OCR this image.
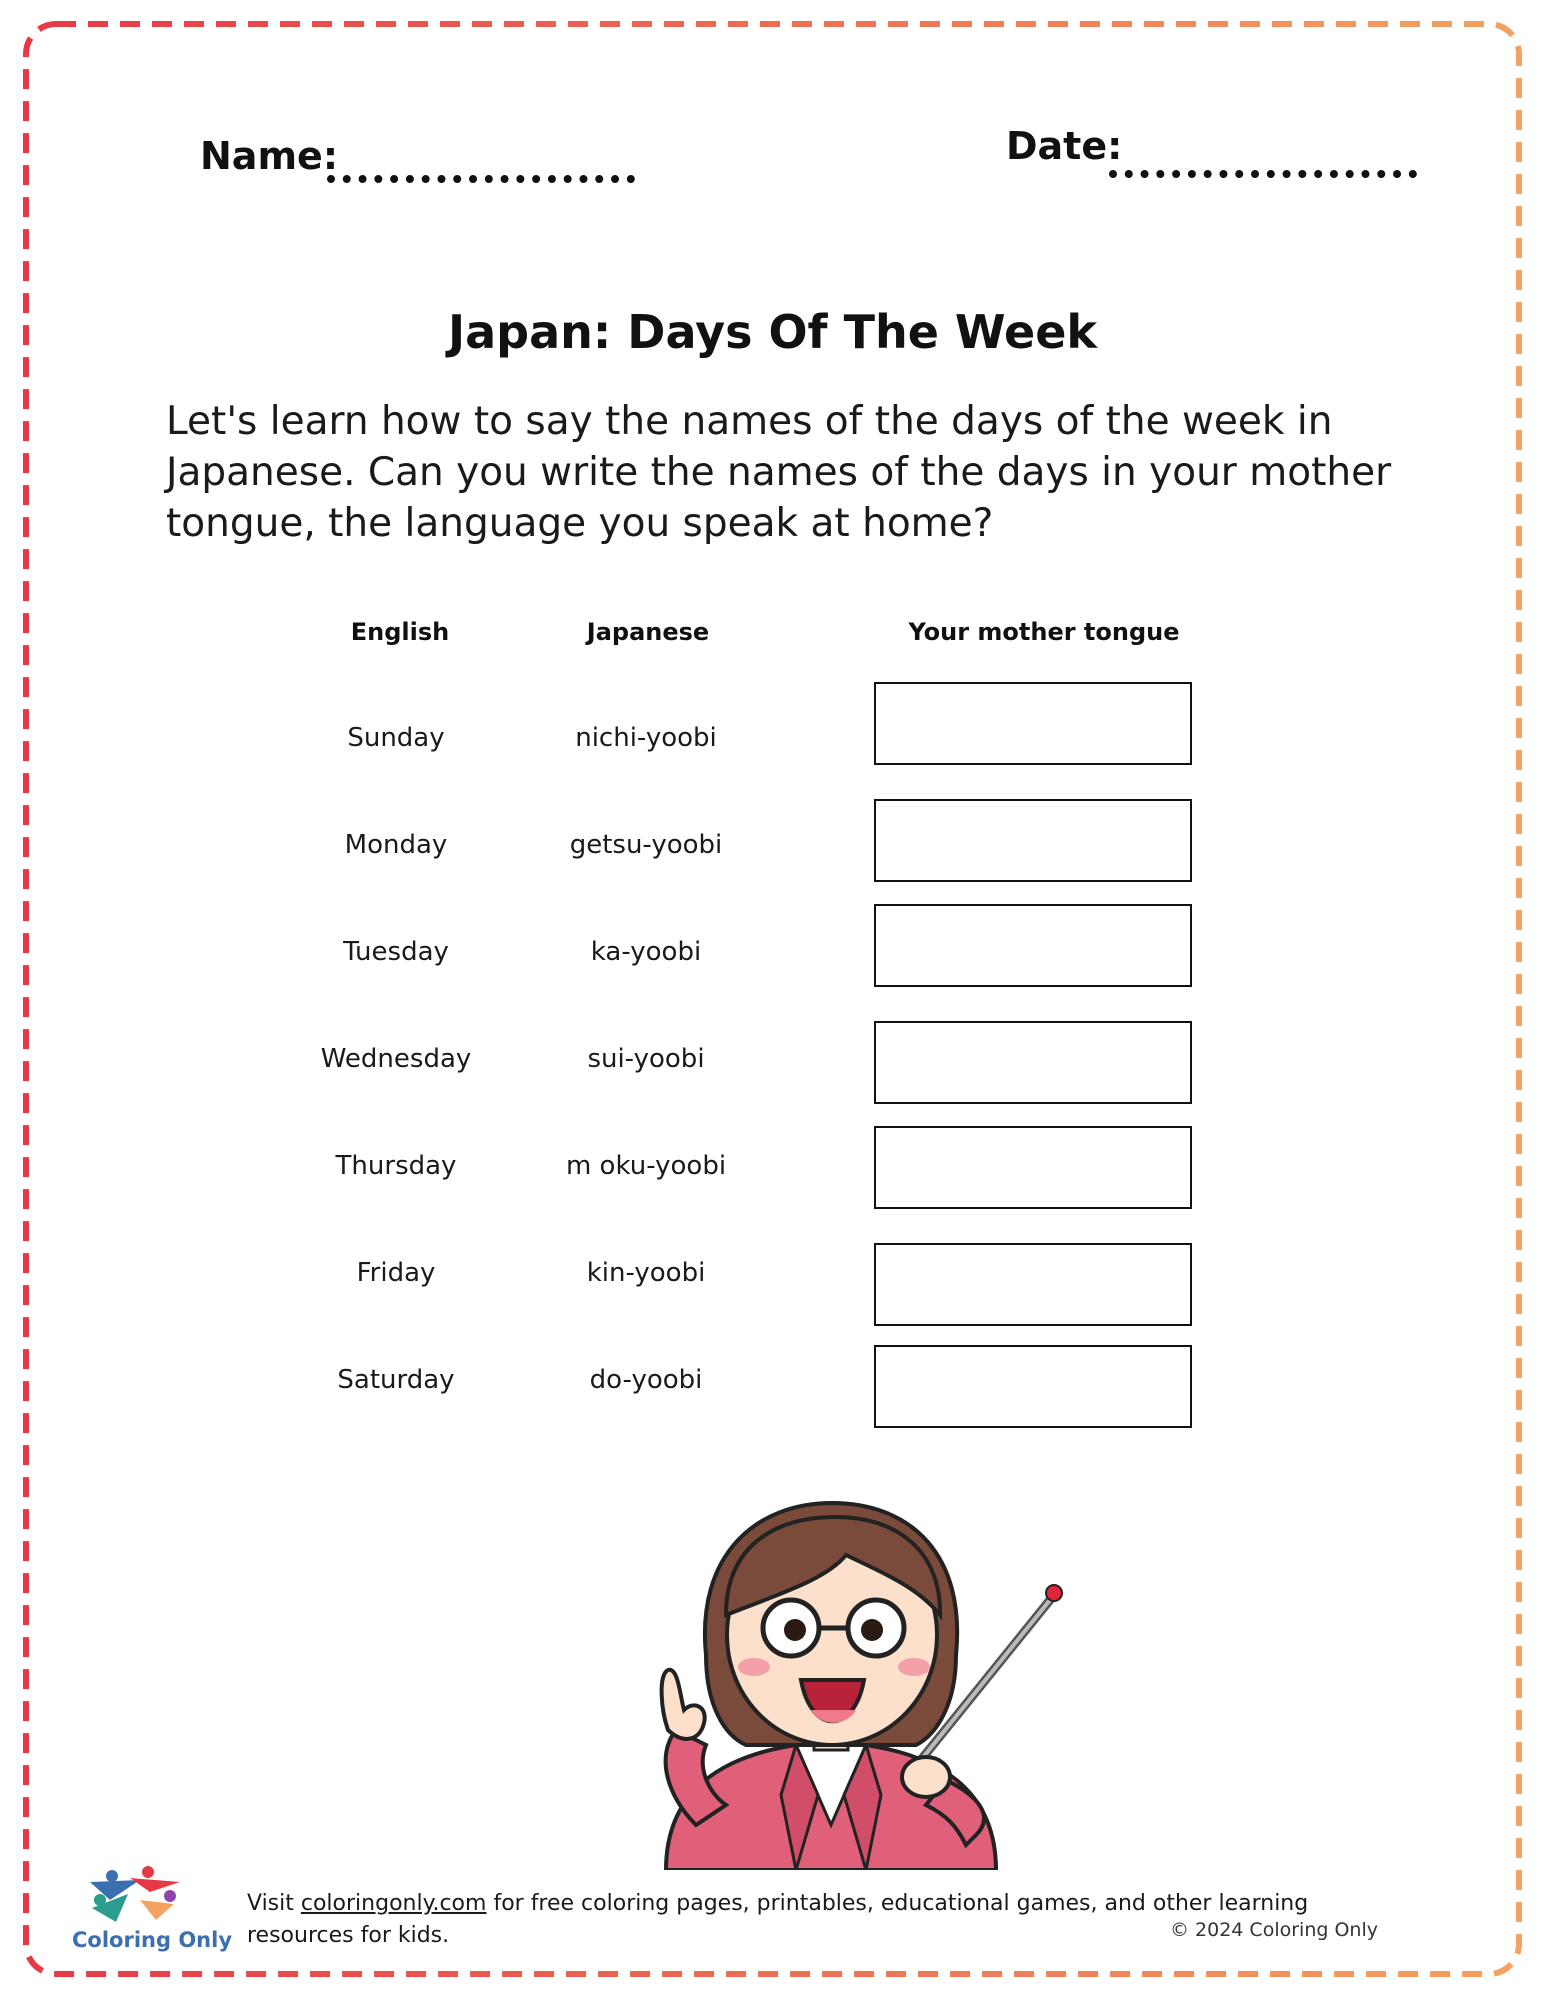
Name:	Date:
Japan: Days Of The Week
Let's learn how to say the names of the days of the week in Japanese. Can you write the names of the days in your mother tongue, the language you speak at home?
English	Japanese	Your mother tongue
Sunday	nichi-yoobi
Monday	getsu-yoobi
Tuesday	ka-yoobi
Wednesday	sui-yoobi
Thursday	m oku-yoobi
Friday	kin-yoobi
Saturday	do-yoobi
Coloring Only
Visit coloringonly.com for free coloring pages, printables, educational games, and other learning resources for kids.	© 2024 Coloring Only
